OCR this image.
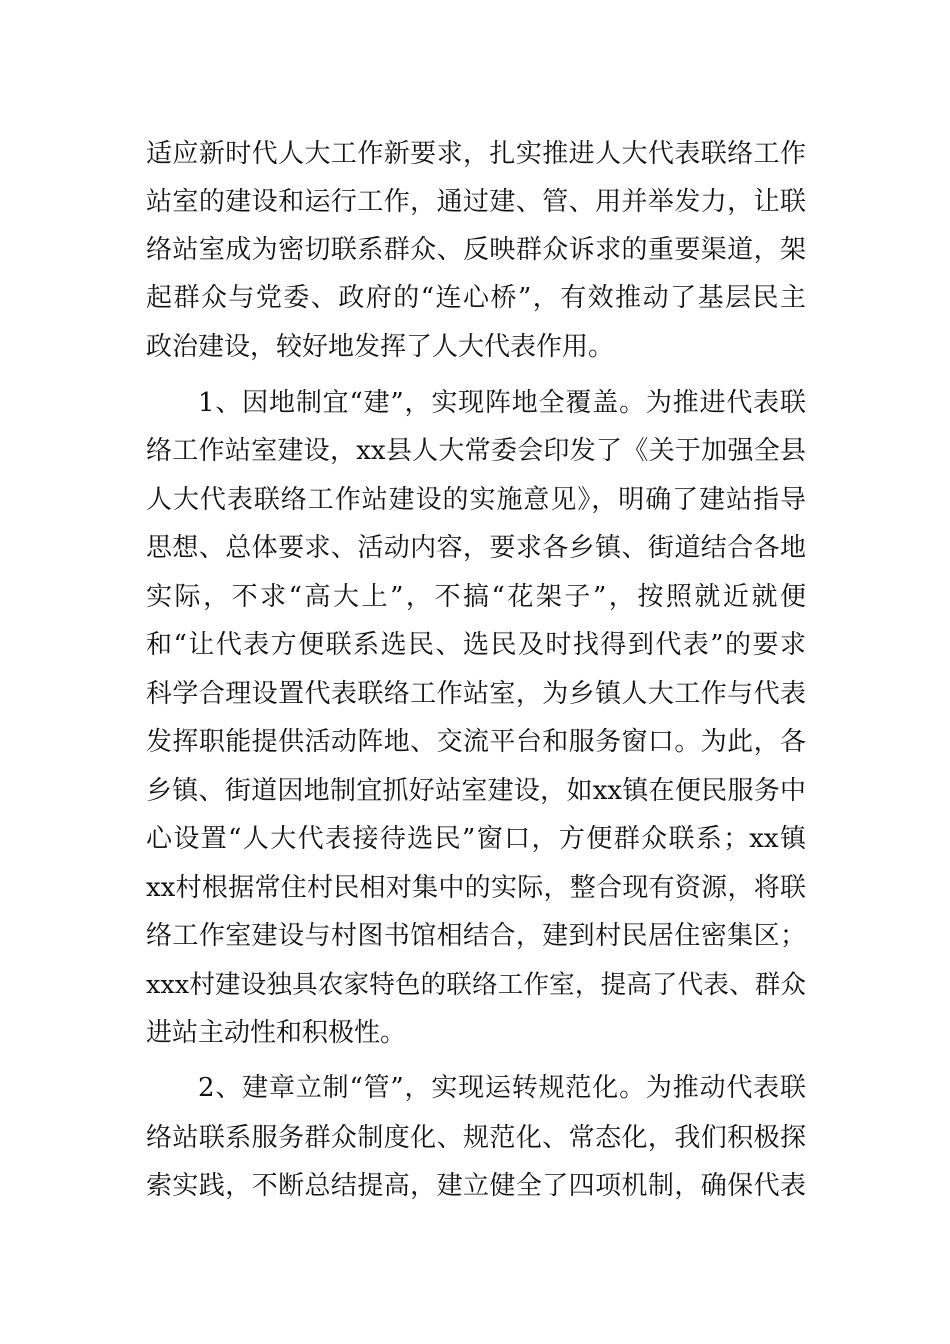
适应新时代人大工作新要求，扎实推进人大代表联络工作
站室的建设和运行工作，通过建、管、用并举发力，让联
络站室成为密切联系群众、反映群众诉求的重要渠道，架
起群众与党委、政府的“连心桥”，有效推动了基层民主
政治建设，较好地发挥了人大代表作用。
1、因地制宜“建”，实现阵地全覆盖。为推进代表联
络工作站室建设，xx县人大常委会印发了《关于加强全县
人大代表联络工作站建设的实施意见》，明确了建站指导
思想、总体要求、活动内容，要求各乡镇、街道结合各地
实际，不求“高大上”，不搞“花架子”，按照就近就便
和“让代表方便联系选民、选民及时找得到代表”的要求
科学合理设置代表联络工作站室，为乡镇人大工作与代表
发挥职能提供活动阵地、交流平台和服务窗口。为此，各
乡镇、街道因地制宜抓好站室建设，如xx镇在便民服务中
心设置“人大代表接待选民”窗口，方便群众联系；xx镇
xx村根据常住村民相对集中的实际，整合现有资源，将联
络工作室建设与村图书馆相结合，建到村民居住密集区；
xxx村建设独具农家特色的联络工作室，提高了代表、群众
进站主动性和积极性。
2、建章立制“管”，实现运转规范化。为推动代表联
络站联系服务群众制度化、规范化、常态化，我们积极探
索实践，不断总结提高，建立健全了四项机制，确保代表
